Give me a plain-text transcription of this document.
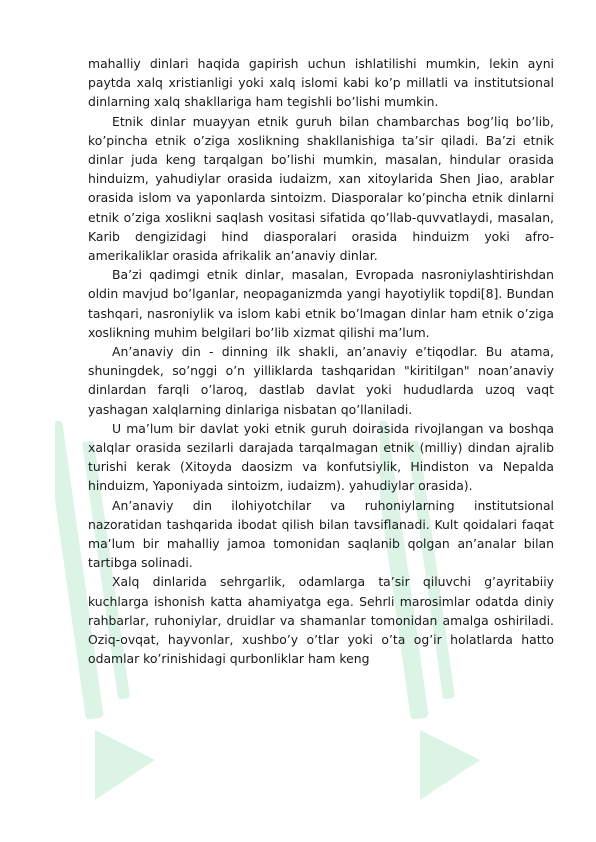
mahalliy dinlari haqida gapirish uchun ishlatilishi mumkin, lekin ayni paytda xalq xristianligi yoki xalq islomi kabi ko’p millatli va institutsional dinlarning xalq shakllariga ham tegishli bo’lishi mumkin.

Etnik dinlar muayyan etnik guruh bilan chambarchas bog’liq bo’lib, ko’pincha etnik o’ziga xoslikning shakllanishiga ta’sir qiladi. Ba’zi etnik dinlar juda keng tarqalgan bo’lishi mumkin, masalan, hindular orasida hinduizm, yahudiylar orasida iudaizm, xan xitoylarida Shen Jiao, arablar orasida islom va yaponlarda sintoizm. Diasporalar ko’pincha etnik dinlarni etnik o’ziga xoslikni saqlash vositasi sifatida qo’llab-quvvatlaydi, masalan, Karib dengizidagi hind diasporalari orasida hinduizm yoki afro-amerikaliklar orasida afrikalik an’anaviy dinlar.

Ba’zi qadimgi etnik dinlar, masalan, Evropada nasroniylashtirishdan oldin mavjud bo’lganlar, neopaganizmda yangi hayotiylik topdi[8]. Bundan tashqari, nasroniylik va islom kabi etnik bo’lmagan dinlar ham etnik o’ziga xoslikning muhim belgilari bo’lib xizmat qilishi ma’lum.

An’anaviy din - dinning ilk shakli, an’anaviy e’tiqodlar. Bu atama, shuningdek, so’nggi o’n yilliklarda tashqaridan "kiritilgan" noan’anaviy dinlardan farqli o’laroq, dastlab davlat yoki hududlarda uzoq vaqt yashagan xalqlarning dinlariga nisbatan qo’llaniladi.

U ma’lum bir davlat yoki etnik guruh doirasida rivojlangan va boshqa xalqlar orasida sezilarli darajada tarqalmagan etnik (milliy) dindan ajralib turishi kerak (Xitoyda daosizm va konfutsiylik, Hindiston va Nepalda hinduizm, Yaponiyada sintoizm, iudaizm). yahudiylar orasida).

An’anaviy din ilohiyotchilar va ruhoniylarning institutsional nazoratidan tashqarida ibodat qilish bilan tavsiflanadi. Kult qoidalari faqat ma’lum bir mahalliy jamoa tomonidan saqlanib qolgan an’analar bilan tartibga solinadi.

Xalq dinlarida sehrgarlik, odamlarga ta’sir qiluvchi g’ayritabiiy kuchlarga ishonish katta ahamiyatga ega. Sehrli marosimlar odatda diniy rahbarlar, ruhoniylar, druidlar va shamanlar tomonidan amalga oshiriladi. Oziq-ovqat, hayvonlar, xushbo’y o’tlar yoki o’ta og’ir holatlarda hatto odamlar ko’rinishidagi qurbonliklar ham keng
